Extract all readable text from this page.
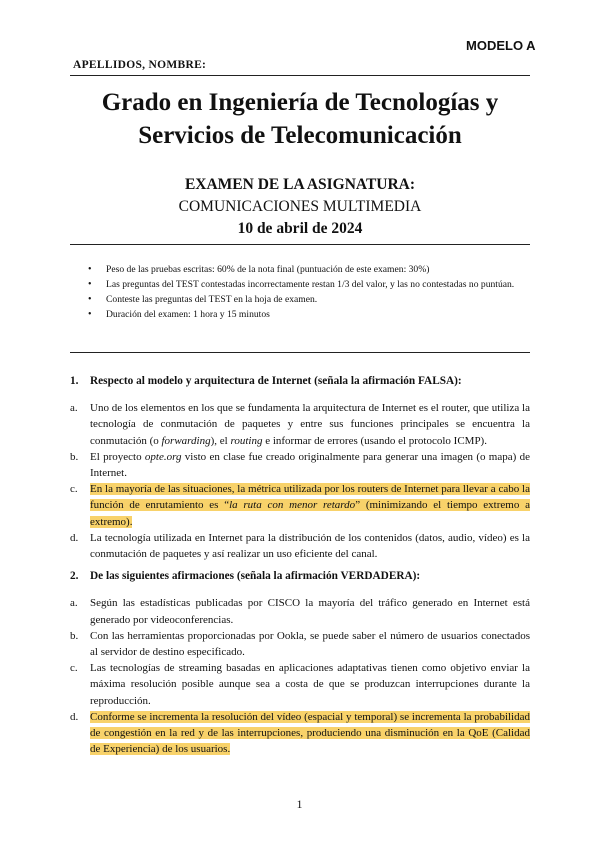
MODELO A
APELLIDOS, NOMBRE:
Grado en Ingeniería de Tecnologías y
Servicios de Telecomunicación
EXAMEN DE LA ASIGNATURA:
COMUNICACIONES MULTIMEDIA
10 de abril de 2024
• Peso de las pruebas escritas: 60% de la nota final (puntuación de este examen: 30%)
• Las preguntas del TEST contestadas incorrectamente restan 1/3 del valor, y las no contestadas no puntúan.
• Conteste las preguntas del TEST en la hoja de examen.
• Duración del examen: 1 hora y 15 minutos
1.	Respecto al modelo y arquitectura de Internet (señala la afirmación FALSA):
a.	Uno de los elementos en los que se fundamenta la arquitectura de Internet es el router, que utiliza la tecnología de conmutación de paquetes y entre sus funciones principales se encuentra la conmutación (o forwarding), el routing e informar de errores (usando el protocolo ICMP).
b.	El proyecto opte.org visto en clase fue creado originalmente para generar una imagen (o mapa) de Internet.
c.	En la mayoría de las situaciones, la métrica utilizada por los routers de Internet para llevar a cabo la función de enrutamiento es “la ruta con menor retardo” (minimizando el tiempo extremo a extremo).
d.	La tecnología utilizada en Internet para la distribución de los contenidos (datos, audio, vídeo) es la conmutación de paquetes y así realizar un uso eficiente del canal.
2.	De las siguientes afirmaciones (señala la afirmación VERDADERA):
a.	Según las estadísticas publicadas por CISCO la mayoría del tráfico generado en Internet está generado por videoconferencias.
b.	Con las herramientas proporcionadas por Ookla, se puede saber el número de usuarios conectados al servidor de destino especificado.
c.	Las tecnologías de streaming basadas en aplicaciones adaptativas tienen como objetivo enviar la máxima resolución posible aunque sea a costa de que se produzcan interrupciones durante la reproducción.
d.	Conforme se incrementa la resolución del vídeo (espacial y temporal) se incrementa la probabilidad de congestión en la red y de las interrupciones, produciendo una disminución en la QoE (Calidad de Experiencia) de los usuarios.
1
